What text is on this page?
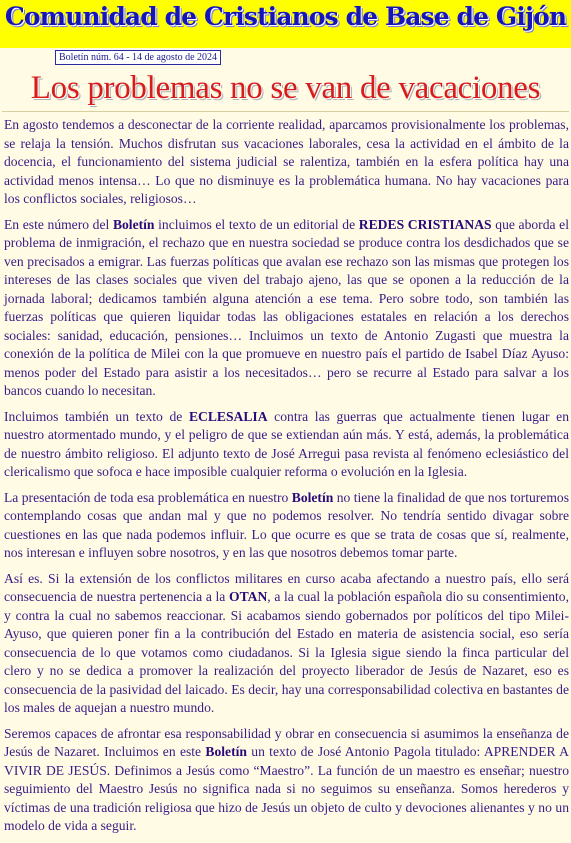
Comunidad de Cristianos de Base de Gijón
Boletín núm. 64 - 14 de agosto de 2024
Los problemas no se van de vacaciones

En agosto tendemos a desconectar de la corriente realidad, aparcamos provisionalmente los problemas, se relaja la tensión. Muchos disfrutan sus vacaciones laborales, cesa la actividad en el ámbito de la docencia, el funcionamiento del sistema judicial se ralentiza, también en la esfera política hay una actividad menos intensa… Lo que no disminuye es la problemática humana. No hay vacaciones para los conflictos sociales, religiosos…

En este número del Boletín incluimos el texto de un editorial de REDES CRISTIANAS que aborda el problema de inmigración, el rechazo que en nuestra sociedad se produce contra los desdichados que se ven precisados a emigrar. Las fuerzas políticas que avalan ese rechazo son las mismas que protegen los intereses de las clases sociales que viven del trabajo ajeno, las que se oponen a la reducción de la jornada laboral; dedicamos también alguna atención a ese tema. Pero sobre todo, son también las fuerzas políticas que quieren liquidar todas las obligaciones estatales en relación a los derechos sociales: sanidad, educación, pensiones… Incluimos un texto de Antonio Zugasti que muestra la conexión de la política de Milei con la que promueve en nuestro país el partido de Isabel Díaz Ayuso: menos poder del Estado para asistir a los necesitados… pero se recurre al Estado para salvar a los bancos cuando lo necesitan.

Incluimos también un texto de ECLESALIA contra las guerras que actualmente tienen lugar en nuestro atormentado mundo, y el peligro de que se extiendan aún más. Y está, además, la problemática de nuestro ámbito religioso. El adjunto texto de José Arregui pasa revista al fenómeno eclesiástico del clericalismo que sofoca e hace imposible cualquier reforma o evolución en la Iglesia.

La presentación de toda esa problemática en nuestro Boletín no tiene la finalidad de que nos torturemos contemplando cosas que andan mal y que no podemos resolver. No tendría sentido divagar sobre cuestiones en las que nada podemos influir. Lo que ocurre es que se trata de cosas que sí, realmente, nos interesan e influyen sobre nosotros, y en las que nosotros debemos tomar parte.

Así es. Si la extensión de los conflictos militares en curso acaba afectando a nuestro país, ello será consecuencia de nuestra pertenencia a la OTAN, a la cual la población española dio su consentimiento, y contra la cual no sabemos reaccionar. Si acabamos siendo gobernados por políticos del tipo Milei-Ayuso, que quieren poner fin a la contribución del Estado en materia de asistencia social, eso sería consecuencia de lo que votamos como ciudadanos. Si la Iglesia sigue siendo la finca particular del clero y no se dedica a promover la realización del proyecto liberador de Jesús de Nazaret, eso es consecuencia de la pasividad del laicado. Es decir, hay una corresponsabilidad colectiva en bastantes de los males de aquejan a nuestro mundo.

Seremos capaces de afrontar esa responsabilidad y obrar en consecuencia si asumimos la enseñanza de Jesús de Nazaret. Incluimos en este Boletín un texto de José Antonio Pagola titulado: APRENDER A VIVIR DE JESÚS. Definimos a Jesús como “Maestro”. La función de un maestro es enseñar; nuestro seguimiento del Maestro Jesús no significa nada si no seguimos su enseñanza. Somos herederos y víctimas de una tradición religiosa que hizo de Jesús un objeto de culto y devociones alienantes y no un modelo de vida a seguir.
